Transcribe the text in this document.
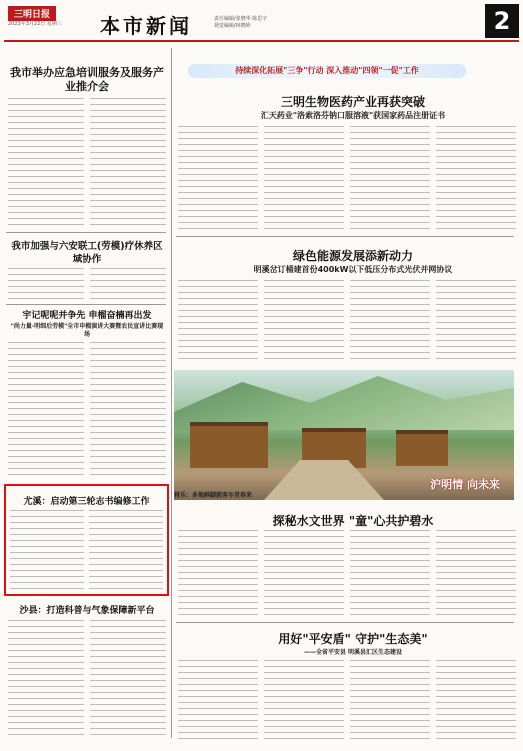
三明日报
2023年3月22日 星期三 本市新闻	责任编辑/张晓华 陈思宇
视觉编辑/林晓婷	2
持续深化拓展"三争"行动 深入推动"四领"一促"工作
我市举办应急培训服务及服务产业推介会
我市加强与六安联工(劳模)疗休养区域协作
宇记呢呢并争先 申榴奋楠再出发
"尚力量·明细后劳模"全市申榴演讲大赛暨农民宣讲比赛现场
尤溪：启动第三轮志书编修工作
沙县：打造科普与气象保障新平台
三明生物医药产业再获突破
汇天药业"洛索洛芬钠口服溶液"获国家药品注册证书
绿色能源发展添新动力
明溪岔订桶建首份400kW以下低压分布式光伏并网协议
沪明情 向未来
将乐：多地鲜脚就客车青春来
探秘水文世界 "童"心共护碧水
用好"平安盾" 守护"生态美"
——全省平安县 明溪县汇区生态建设
